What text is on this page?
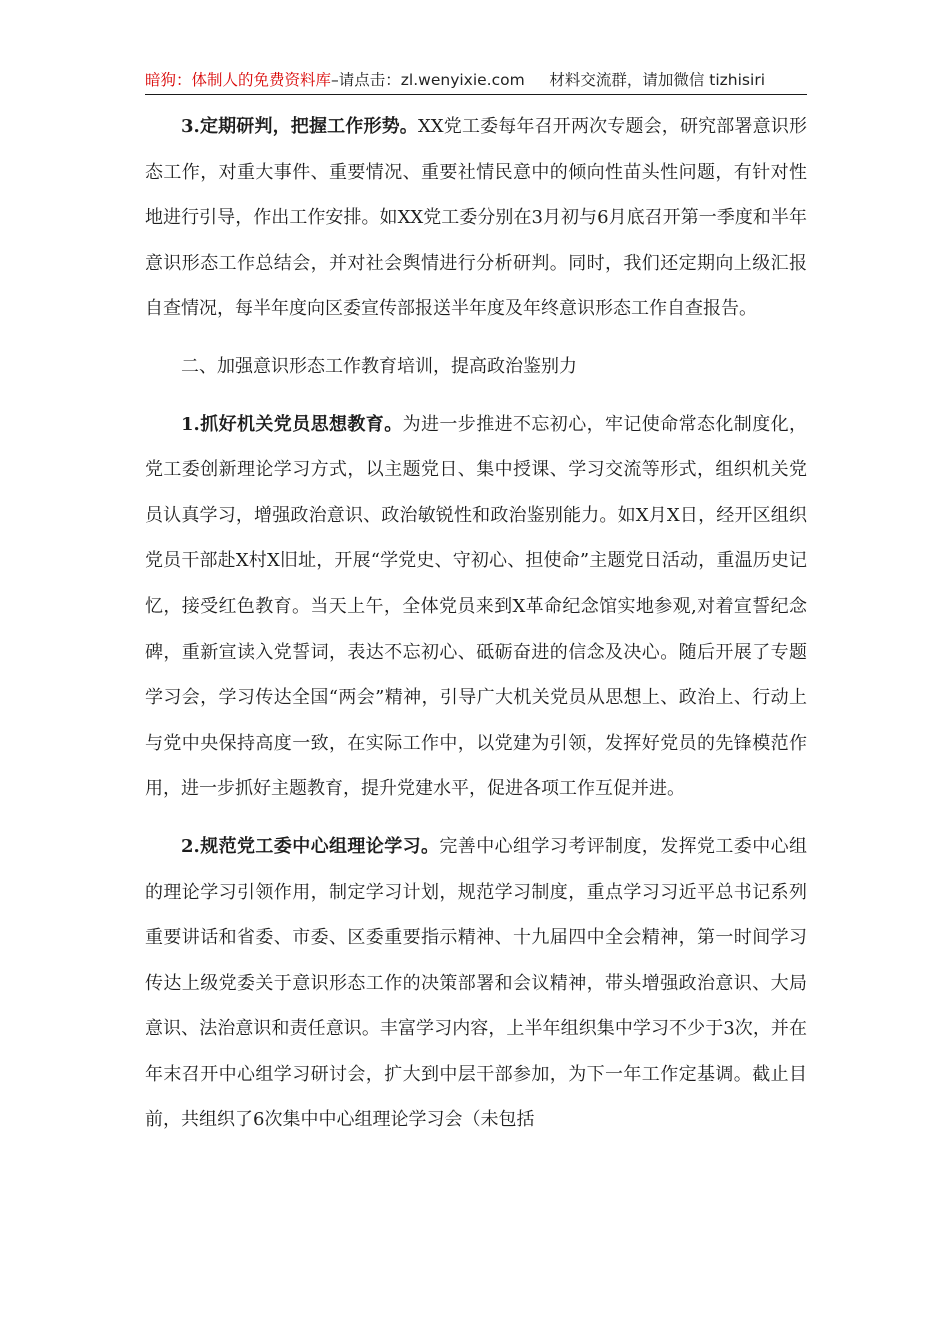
暗狗：体制人的免费资料库–请点击：zl.wenyixie.com 材料交流群，请加微信 tizhisiri

3.定期研判，把握工作形势。XX党工委每年召开两次专题会，研究部署意识形态工作，对重大事件、重要情况、重要社情民意中的倾向性苗头性问题，有针对性地进行引导，作出工作安排。如XX党工委分别在3月初与6月底召开第一季度和半年意识形态工作总结会，并对社会舆情进行分析研判。同时，我们还定期向上级汇报自查情况，每半年度向区委宣传部报送半年度及年终意识形态工作自查报告。

二、加强意识形态工作教育培训，提高政治鉴别力

1.抓好机关党员思想教育。为进一步推进不忘初心，牢记使命常态化制度化，党工委创新理论学习方式，以主题党日、集中授课、学习交流等形式，组织机关党员认真学习，增强政治意识、政治敏锐性和政治鉴别能力。如X月X日，经开区组织党员干部赴X村X旧址，开展“学党史、守初心、担使命”主题党日活动，重温历史记忆，接受红色教育。当天上午，全体党员来到X革命纪念馆实地参观,对着宣誓纪念碑，重新宣读入党誓词，表达不忘初心、砥砺奋进的信念及决心。随后开展了专题学习会，学习传达全国“两会”精神，引导广大机关党员从思想上、政治上、行动上与党中央保持高度一致，在实际工作中，以党建为引领，发挥好党员的先锋模范作用，进一步抓好主题教育，提升党建水平，促进各项工作互促并进。

2.规范党工委中心组理论学习。完善中心组学习考评制度，发挥党工委中心组的理论学习引领作用，制定学习计划，规范学习制度，重点学习习近平总书记系列重要讲话和省委、市委、区委重要指示精神、十九届四中全会精神，第一时间学习传达上级党委关于意识形态工作的决策部署和会议精神，带头增强政治意识、大局意识、法治意识和责任意识。丰富学习内容，上半年组织集中学习不少于3次，并在年末召开中心组学习研讨会，扩大到中层干部参加，为下一年工作定基调。截止目前，共组织了6次集中中心组理论学习会（未包括
